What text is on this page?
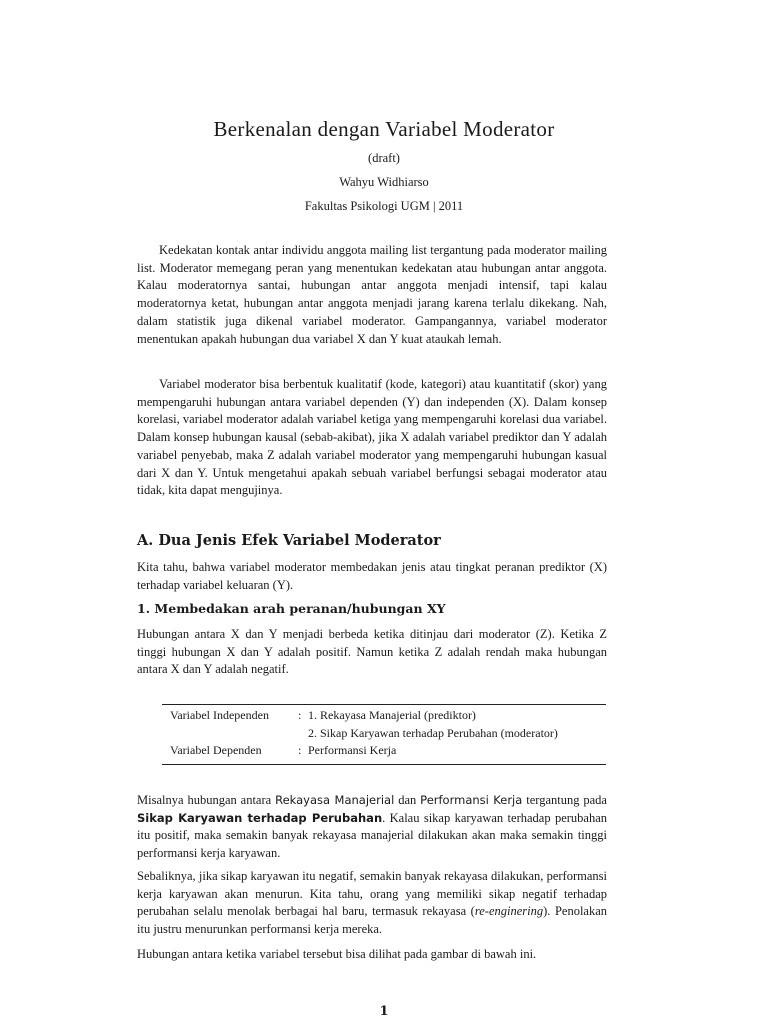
Berkenalan dengan Variabel Moderator
(draft)
Wahyu Widhiarso
Fakultas Psikologi UGM | 2011

Kedekatan kontak antar individu anggota mailing list tergantung pada moderator mailing list. Moderator memegang peran yang menentukan kedekatan atau hubungan antar anggota. Kalau moderatornya santai, hubungan antar anggota menjadi intensif, tapi kalau moderatornya ketat, hubungan antar anggota menjadi jarang karena terlalu dikekang. Nah, dalam statistik juga dikenal variabel moderator. Gampangannya, variabel moderator menentukan apakah hubungan dua variabel X dan Y kuat ataukah lemah.

Variabel moderator bisa berbentuk kualitatif (kode, kategori) atau kuantitatif (skor) yang mempengaruhi hubungan antara variabel dependen (Y) dan independen (X). Dalam konsep korelasi, variabel moderator adalah variabel ketiga yang mempengaruhi korelasi dua variabel. Dalam konsep hubungan kausal (sebab-akibat), jika X adalah variabel prediktor dan Y adalah variabel penyebab, maka Z adalah variabel moderator yang mempengaruhi hubungan kasual dari X dan Y. Untuk mengetahui apakah sebuah variabel berfungsi sebagai moderator atau tidak, kita dapat mengujinya.

A. Dua Jenis Efek Variabel Moderator

Kita tahu, bahwa variabel moderator membedakan jenis atau tingkat peranan prediktor (X) terhadap variabel keluaran (Y).

1. Membedakan arah peranan/hubungan XY

Hubungan antara X dan Y menjadi berbeda ketika ditinjau dari moderator (Z). Ketika Z tinggi hubungan X dan Y adalah positif. Namun ketika Z adalah rendah maka hubungan antara X dan Y adalah negatif.

Variabel Independen	:	1. Rekayasa Manajerial (prediktor)
		2. Sikap Karyawan terhadap Perubahan (moderator)
Variabel Dependen	:	Performansi Kerja

Misalnya hubungan antara Rekayasa Manajerial dan Performansi Kerja tergantung pada Sikap Karyawan terhadap Perubahan. Kalau sikap karyawan terhadap perubahan itu positif, maka semakin banyak rekayasa manajerial dilakukan akan maka semakin tinggi performansi kerja karyawan.

Sebaliknya, jika sikap karyawan itu negatif, semakin banyak rekayasa dilakukan, performansi kerja karyawan akan menurun. Kita tahu, orang yang memiliki sikap negatif terhadap perubahan selalu menolak berbagai hal baru, termasuk rekayasa (re-enginering). Penolakan itu justru menurunkan performansi kerja mereka.

Hubungan antara ketika variabel tersebut bisa dilihat pada gambar di bawah ini.

1
